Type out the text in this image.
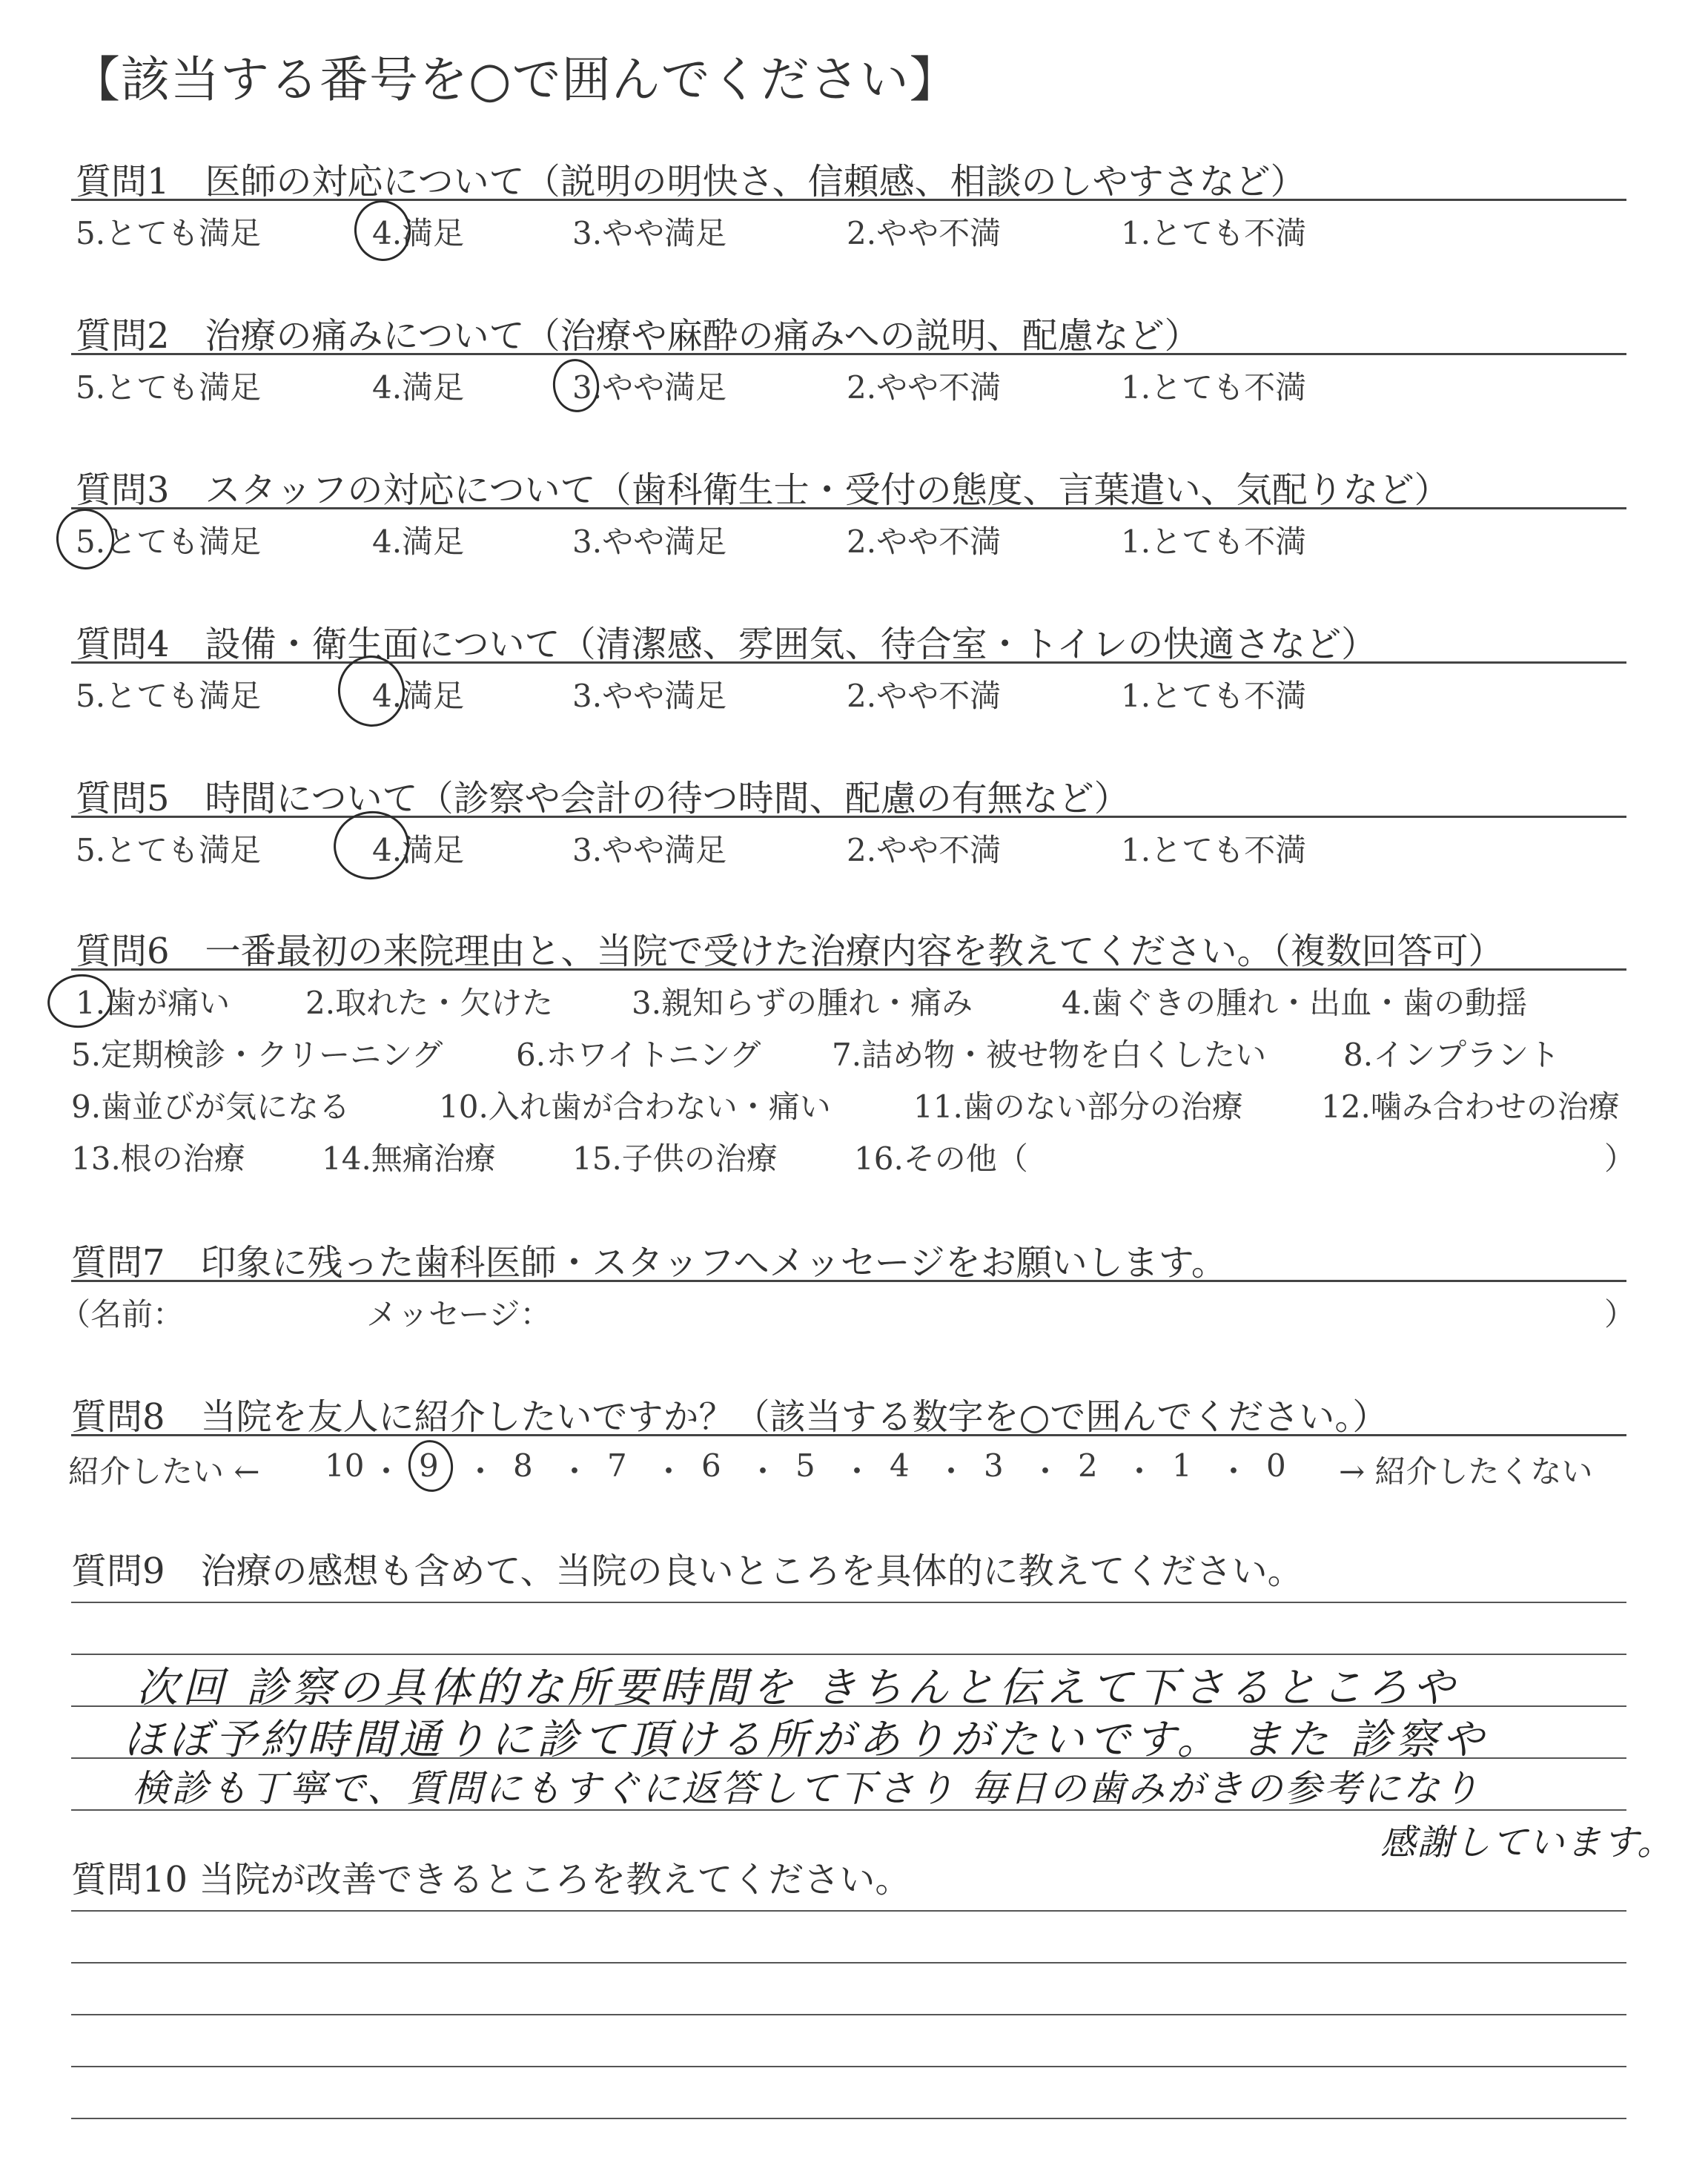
【該当する番号を○で囲んでください】
質問1　医師の対応について（説明の明快さ、信頼感、相談のしやすさなど）
5.とても満足	4.満足	3.やや満足	2.やや不満	1.とても不満
質問2　治療の痛みについて（治療や麻酔の痛みへの説明、配慮など）
5.とても満足	4.満足	3.やや満足	2.やや不満	1.とても不満
質問3　スタッフの対応について（歯科衛生士・受付の態度、言葉遣い、気配りなど）
5.とても満足	4.満足	3.やや満足	2.やや不満	1.とても不満
質問4　設備・衛生面について（清潔感、雰囲気、待合室・トイレの快適さなど）
5.とても満足	4.満足	3.やや満足	2.やや不満	1.とても不満
質問5　時間について（診察や会計の待つ時間、配慮の有無など）
5.とても満足	4.満足	3.やや満足	2.やや不満	1.とても不満
質問6　一番最初の来院理由と、当院で受けた治療内容を教えてください。（複数回答可）
1.歯が痛い 2.取れた・欠けた	3.親知らずの腫れ・痛み	4.歯ぐきの腫れ・出血・歯の動揺
5.定期検診・クリーニング 6.ホワイトニング 7.詰め物・被せ物を白くしたい 8.インプラント
9.歯並びが気になる	10.入れ歯が合わない・痛い	11.歯のない部分の治療	12.噛み合わせの治療
13.根の治療 14.無痛治療 15.子供の治療 16.その他（	）
質問7　印象に残った歯科医師・スタッフへメッセージをお願いします。
（名前：	メッセージ：	）
質問8　当院を友人に紹介したいですか？（該当する数字を○で囲んでください。）
紹介したい ←	→ 紹介したくない
10 ・ 9 ・ 8 ・ 7 ・ 6 ・ 5 ・ 4 ・ 3 ・ 2 ・ 1 ・ 0
質問9　治療の感想も含めて、当院の良いところを具体的に教えてください。
次回 診察の具体的な所要時間を きちんと伝えて下さるところや
ほぼ予約時間通りに診て頂ける所がありがたいです。 また 診察や
検診も丁寧で、質問にもすぐに返答して下さり 毎日の歯みがきの参考になり
感謝しています。
質問10 当院が改善できるところを教えてください。
